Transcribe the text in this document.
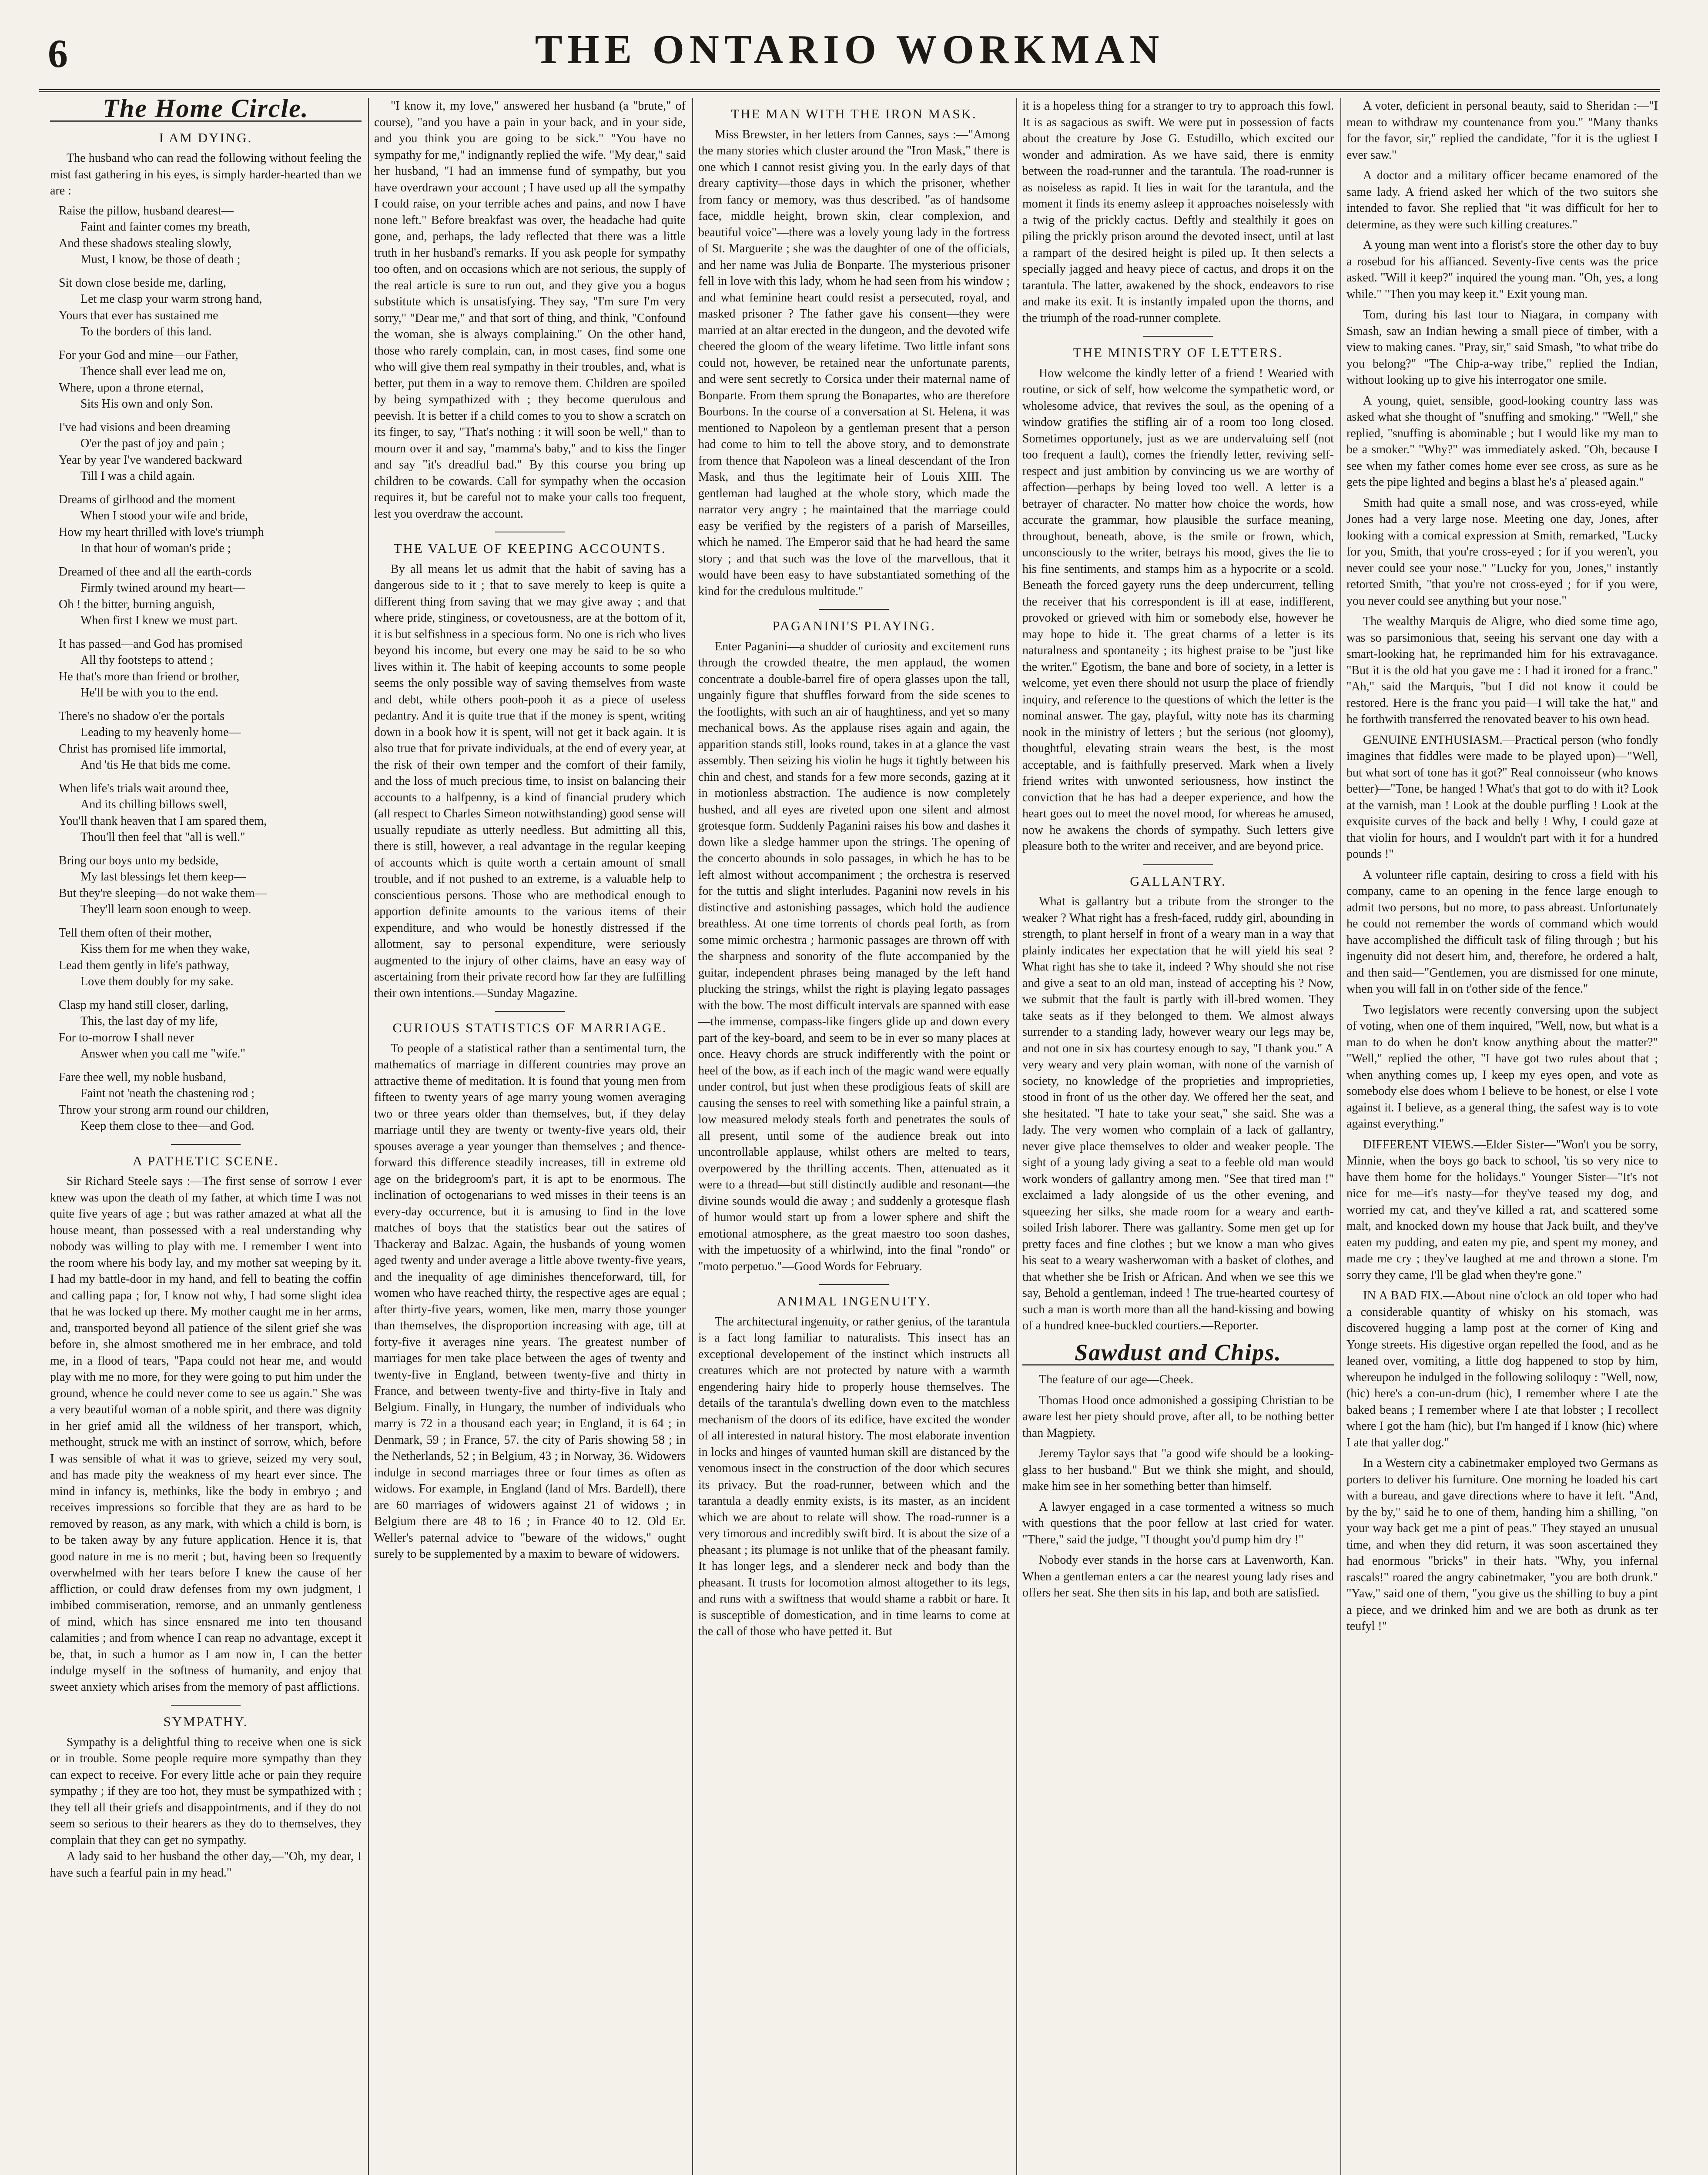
6	THE ONTARIO WORKMAN
The Home Circle.
I AM DYING.

The husband who can read the following without feeling the mist fast gathering in his eyes, is simply harder-hearted than we are :

Raise the pillow, husband dearest—
Faint and fainter comes my breath,
And these shadows stealing slowly,
Must, I know, be those of death ;
Sit down close beside me, darling,
Let me clasp your warm strong hand,
Yours that ever has sustained me
To the borders of this land.
For your God and mine—our Father,
Thence shall ever lead me on,
Where, upon a throne eternal,
Sits His own and only Son.
I've had visions and been dreaming
O'er the past of joy and pain ;
Year by year I've wandered backward
Till I was a child again.
Dreams of girlhood and the moment
When I stood your wife and bride,
How my heart thrilled with love's triumph
In that hour of woman's pride ;
Dreamed of thee and all the earth-cords
Firmly twined around my heart—
Oh ! the bitter, burning anguish,
When first I knew we must part.
It has passed—and God has promised
All thy footsteps to attend ;
He that's more than friend or brother,
He'll be with you to the end.
There's no shadow o'er the portals
Leading to my heavenly home—
Christ has promised life immortal,
And 'tis He that bids me come.
When life's trials wait around thee,
And its chilling billows swell,
You'll thank heaven that I am spared them,
Thou'll then feel that "all is well."
Bring our boys unto my bedside,
My last blessings let them keep—
But they're sleeping—do not wake them—
They'll learn soon enough to weep.
Tell them often of their mother,
Kiss them for me when they wake,
Lead them gently in life's pathway,
Love them doubly for my sake.
Clasp my hand still closer, darling,
This, the last day of my life,
For to-morrow I shall never
Answer when you call me "wife."
Fare thee well, my noble husband,
Faint not 'neath the chastening rod ;
Throw your strong arm round our children,
Keep them close to thee—and God.
A PATHETIC SCENE.

Sir Richard Steele says :—The first sense of sorrow I ever knew was upon the death of my father, at which time I was not quite five years of age ; but was rather amazed at what all the house meant, than possessed with a real understanding why nobody was willing to play with me. I remember I went into the room where his body lay, and my mother sat weeping by it. I had my battle-door in my hand, and fell to beating the coffin and calling papa ; for, I know not why, I had some slight idea that he was locked up there. My mother caught me in her arms, and, transported beyond all patience of the silent grief she was before in, she almost smothered me in her embrace, and told me, in a flood of tears, "Papa could not hear me, and would play with me no more, for they were going to put him under the ground, whence he could never come to see us again." She was a very beautiful woman of a noble spirit, and there was dignity in her grief amid all the wildness of her transport, which, methought, struck me with an instinct of sorrow, which, before I was sensible of what it was to grieve, seized my very soul, and has made pity the weakness of my heart ever since. The mind in infancy is, methinks, like the body in embryo ; and receives impressions so forcible that they are as hard to be removed by reason, as any mark, with which a child is born, is to be taken away by any future application. Hence it is, that good nature in me is no merit ; but, having been so frequently overwhelmed with her tears before I knew the cause of her affliction, or could draw defenses from my own judgment, I imbibed commiseration, remorse, and an unmanly gentleness of mind, which has since ensnared me into ten thousand calamities ; and from whence I can reap no advantage, except it be, that, in such a humor as I am now in, I can the better indulge myself in the softness of humanity, and enjoy that sweet anxiety which arises from the memory of past afflictions.

SYMPATHY.

Sympathy is a delightful thing to receive when one is sick or in trouble. Some people require more sympathy than they can expect to receive. For every little ache or pain they require sympathy ; if they are too hot, they must be sympathized with ; they tell all their griefs and disappointments, and if they do not seem so serious to their hearers as they do to themselves, they complain that they can get no sympathy.

A lady said to her husband the other day,—"Oh, my dear, I have such a fearful pain in my head."

"I know it, my love," answered her husband (a "brute," of course), "and you have a pain in your back, and in your side, and you think you are going to be sick." "You have no sympathy for me," indignantly replied the wife. "My dear," said her husband, "I had an immense fund of sympathy, but you have overdrawn your account ; I have used up all the sympathy I could raise, on your terrible aches and pains, and now I have none left." Before breakfast was over, the headache had quite gone, and, perhaps, the lady reflected that there was a little truth in her husband's remarks. If you ask people for sympathy too often, and on occasions which are not serious, the supply of the real article is sure to run out, and they give you a bogus substitute which is unsatisfying. They say, "I'm sure I'm very sorry," "Dear me," and that sort of thing, and think, "Confound the woman, she is always complaining." On the other hand, those who rarely complain, can, in most cases, find some one who will give them real sympathy in their troubles, and, what is better, put them in a way to remove them. Children are spoiled by being sympathized with ; they become querulous and peevish. It is better if a child comes to you to show a scratch on its finger, to say, "That's nothing : it will soon be well," than to mourn over it and say, "mamma's baby," and to kiss the finger and say "it's dreadful bad." By this course you bring up children to be cowards. Call for sympathy when the occasion requires it, but be careful not to make your calls too frequent, lest you overdraw the account.

THE VALUE OF KEEPING ACCOUNTS.

By all means let us admit that the habit of saving has a dangerous side to it ; that to save merely to keep is quite a different thing from saving that we may give away ; and that where pride, stinginess, or covetousness, are at the bottom of it, it is but selfishness in a specious form. No one is rich who lives beyond his income, but every one may be said to be so who lives within it. The habit of keeping accounts to some people seems the only possible way of saving themselves from waste and debt, while others pooh-pooh it as a piece of useless pedantry. And it is quite true that if the money is spent, writing down in a book how it is spent, will not get it back again. It is also true that for private individuals, at the end of every year, at the risk of their own temper and the comfort of their family, and the loss of much precious time, to insist on balancing their accounts to a halfpenny, is a kind of financial prudery which (all respect to Charles Simeon notwithstanding) good sense will usually repudiate as utterly needless. But admitting all this, there is still, however, a real advantage in the regular keeping of accounts which is quite worth a certain amount of small trouble, and if not pushed to an extreme, is a valuable help to conscientious persons. Those who are methodical enough to apportion definite amounts to the various items of their expenditure, and who would be honestly distressed if the allotment, say to personal expenditure, were seriously augmented to the injury of other claims, have an easy way of ascertaining from their private record how far they are fulfilling their own intentions.—Sunday Magazine.

CURIOUS STATISTICS OF MARRIAGE.

To people of a statistical rather than a sentimental turn, the mathematics of marriage in different countries may prove an attractive theme of meditation. It is found that young men from fifteen to twenty years of age marry young women averaging two or three years older than themselves, but, if they delay marriage until they are twenty or twenty-five years old, their spouses average a year younger than themselves ; and thence-forward this difference steadily increases, till in extreme old age on the bridegroom's part, it is apt to be enormous. The inclination of octogenarians to wed misses in their teens is an every-day occurrence, but it is amusing to find in the love matches of boys that the statistics bear out the satires of Thackeray and Balzac. Again, the husbands of young women aged twenty and under average a little above twenty-five years, and the inequality of age diminishes thenceforward, till, for women who have reached thirty, the respective ages are equal ; after thirty-five years, women, like men, marry those younger than themselves, the disproportion increasing with age, till at forty-five it averages nine years. The greatest number of marriages for men take place between the ages of twenty and twenty-five in England, between twenty-five and thirty in France, and between twenty-five and thirty-five in Italy and Belgium. Finally, in Hungary, the number of individuals who marry is 72 in a thousand each year; in England, it is 64 ; in Denmark, 59 ; in France, 57. the city of Paris showing 58 ; in the Netherlands, 52 ; in Belgium, 43 ; in Norway, 36. Widowers indulge in second marriages three or four times as often as widows. For example, in England (land of Mrs. Bardell), there are 60 marriages of widowers against 21 of widows ; in Belgium there are 48 to 16 ; in France 40 to 12. Old Er. Weller's paternal advice to "beware of the widows," ought surely to be supplemented by a maxim to beware of widowers.

THE MAN WITH THE IRON MASK.

Miss Brewster, in her letters from Cannes, says :—"Among the many stories which cluster around the "Iron Mask," there is one which I cannot resist giving you. In the early days of that dreary captivity—those days in which the prisoner, whether from fancy or memory, was thus described. "as of handsome face, middle height, brown skin, clear complexion, and beautiful voice"—there was a lovely young lady in the fortress of St. Marguerite ; she was the daughter of one of the officials, and her name was Julia de Bonparte. The mysterious prisoner fell in love with this lady, whom he had seen from his window ; and what feminine heart could resist a persecuted, royal, and masked prisoner ? The father gave his consent—they were married at an altar erected in the dungeon, and the devoted wife cheered the gloom of the weary lifetime. Two little infant sons could not, however, be retained near the unfortunate parents, and were sent secretly to Corsica under their maternal name of Bonparte. From them sprung the Bonapartes, who are therefore Bourbons. In the course of a conversation at St. Helena, it was mentioned to Napoleon by a gentleman present that a person had come to him to tell the above story, and to demonstrate from thence that Napoleon was a lineal descendant of the Iron Mask, and thus the legitimate heir of Louis XIII. The gentleman had laughed at the whole story, which made the narrator very angry ; he maintained that the marriage could easy be verified by the registers of a parish of Marseilles, which he named. The Emperor said that he had heard the same story ; and that such was the love of the marvellous, that it would have been easy to have substantiated something of the kind for the credulous multitude."

PAGANINI'S PLAYING.

Enter Paganini—a shudder of curiosity and excitement runs through the crowded theatre, the men applaud, the women concentrate a double-barrel fire of opera glasses upon the tall, ungainly figure that shuffles forward from the side scenes to the footlights, with such an air of haughtiness, and yet so many mechanical bows. As the applause rises again and again, the apparition stands still, looks round, takes in at a glance the vast assembly. Then seizing his violin he hugs it tightly between his chin and chest, and stands for a few more seconds, gazing at it in motionless abstraction. The audience is now completely hushed, and all eyes are riveted upon one silent and almost grotesque form. Suddenly Paganini raises his bow and dashes it down like a sledge hammer upon the strings. The opening of the concerto abounds in solo passages, in which he has to be left almost without accompaniment ; the orchestra is reserved for the tuttis and slight interludes. Paganini now revels in his distinctive and astonishing passages, which hold the audience breathless. At one time torrents of chords peal forth, as from some mimic orchestra ; harmonic passages are thrown off with the sharpness and sonority of the flute accompanied by the guitar, independent phrases being managed by the left hand plucking the strings, whilst the right is playing legato passages with the bow. The most difficult intervals are spanned with ease—the immense, compass-like fingers glide up and down every part of the key-board, and seem to be in ever so many places at once. Heavy chords are struck indifferently with the point or heel of the bow, as if each inch of the magic wand were equally under control, but just when these prodigious feats of skill are causing the senses to reel with something like a painful strain, a low measured melody steals forth and penetrates the souls of all present, until some of the audience break out into uncontrollable applause, whilst others are melted to tears, overpowered by the thrilling accents. Then, attenuated as it were to a thread—but still distinctly audible and resonant—the divine sounds would die away ; and suddenly a grotesque flash of humor would start up from a lower sphere and shift the emotional atmosphere, as the great maestro too soon dashes, with the impetuosity of a whirlwind, into the final "rondo" or "moto perpetuo."—Good Words for February.

ANIMAL INGENUITY.

The architectural ingenuity, or rather genius, of the tarantula is a fact long familiar to naturalists. This insect has an exceptional developement of the instinct which instructs all creatures which are not protected by nature with a warmth engendering hairy hide to properly house themselves. The details of the tarantula's dwelling down even to the matchless mechanism of the doors of its edifice, have excited the wonder of all interested in natural history. The most elaborate invention in locks and hinges of vaunted human skill are distanced by the venomous insect in the construction of the door which secures its privacy. But the road-runner, between which and the tarantula a deadly enmity exists, is its master, as an incident which we are about to relate will show. The road-runner is a very timorous and incredibly swift bird. It is about the size of a pheasant ; its plumage is not unlike that of the pheasant family. It has longer legs, and a slenderer neck and body than the pheasant. It trusts for locomotion almost altogether to its legs, and runs with a swiftness that would shame a rabbit or hare. It is susceptible of domestication, and in time learns to come at the call of those who have petted it. But

it is a hopeless thing for a stranger to try to approach this fowl. It is as sagacious as swift. We were put in possession of facts about the creature by Jose G. Estudillo, which excited our wonder and admiration. As we have said, there is enmity between the road-runner and the tarantula. The road-runner is as noiseless as rapid. It lies in wait for the tarantula, and the moment it finds its enemy asleep it approaches noiselessly with a twig of the prickly cactus. Deftly and stealthily it goes on piling the prickly prison around the devoted insect, until at last a rampart of the desired height is piled up. It then selects a specially jagged and heavy piece of cactus, and drops it on the tarantula. The latter, awakened by the shock, endeavors to rise and make its exit. It is instantly impaled upon the thorns, and the triumph of the road-runner complete.

THE MINISTRY OF LETTERS.

How welcome the kindly letter of a friend ! Wearied with routine, or sick of self, how welcome the sympathetic word, or wholesome advice, that revives the soul, as the opening of a window gratifies the stifling air of a room too long closed. Sometimes opportunely, just as we are undervaluing self (not too frequent a fault), comes the friendly letter, reviving self-respect and just ambition by convincing us we are worthy of affection—perhaps by being loved too well. A letter is a betrayer of character. No matter how choice the words, how accurate the grammar, how plausible the surface meaning, throughout, beneath, above, is the smile or frown, which, unconsciously to the writer, betrays his mood, gives the lie to his fine sentiments, and stamps him as a hypocrite or a scold. Beneath the forced gayety runs the deep undercurrent, telling the receiver that his correspondent is ill at ease, indifferent, provoked or grieved with him or somebody else, however he may hope to hide it. The great charms of a letter is its naturalness and spontaneity ; its highest praise to be "just like the writer." Egotism, the bane and bore of society, in a letter is welcome, yet even there should not usurp the place of friendly inquiry, and reference to the questions of which the letter is the nominal answer. The gay, playful, witty note has its charming nook in the ministry of letters ; but the serious (not gloomy), thoughtful, elevating strain wears the best, is the most acceptable, and is faithfully preserved. Mark when a lively friend writes with unwonted seriousness, how instinct the conviction that he has had a deeper experience, and how the heart goes out to meet the novel mood, for whereas he amused, now he awakens the chords of sympathy. Such letters give pleasure both to the writer and receiver, and are beyond price.

GALLANTRY.

What is gallantry but a tribute from the stronger to the weaker ? What right has a fresh-faced, ruddy girl, abounding in strength, to plant herself in front of a weary man in a way that plainly indicates her expectation that he will yield his seat ? What right has she to take it, indeed ? Why should she not rise and give a seat to an old man, instead of accepting his ? Now, we submit that the fault is partly with ill-bred women. They take seats as if they belonged to them. We almost always surrender to a standing lady, however weary our legs may be, and not one in six has courtesy enough to say, "I thank you." A very weary and very plain woman, with none of the varnish of society, no knowledge of the proprieties and improprieties, stood in front of us the other day. We offered her the seat, and she hesitated. "I hate to take your seat," she said. She was a lady. The very women who complain of a lack of gallantry, never give place themselves to older and weaker people. The sight of a young lady giving a seat to a feeble old man would work wonders of gallantry among men. "See that tired man !" exclaimed a lady alongside of us the other evening, and squeezing her silks, she made room for a weary and earth-soiled Irish laborer. There was gallantry. Some men get up for pretty faces and fine clothes ; but we know a man who gives his seat to a weary washerwoman with a basket of clothes, and that whether she be Irish or African. And when we see this we say, Behold a gentleman, indeed ! The true-hearted courtesy of such a man is worth more than all the hand-kissing and bowing of a hundred knee-buckled courtiers.—Reporter.

Sawdust and Chips.

The feature of our age—Cheek.

Thomas Hood once admonished a gossiping Christian to be aware lest her piety should prove, after all, to be nothing better than Magpiety.

Jeremy Taylor says that "a good wife should be a looking-glass to her husband." But we think she might, and should, make him see in her something better than himself.

A lawyer engaged in a case tormented a witness so much with questions that the poor fellow at last cried for water. "There," said the judge, "I thought you'd pump him dry !"

Nobody ever stands in the horse cars at Lavenworth, Kan. When a gentleman enters a car the nearest young lady rises and offers her seat. She then sits in his lap, and both are satisfied.

A voter, deficient in personal beauty, said to Sheridan :—"I mean to withdraw my countenance from you." "Many thanks for the favor, sir," replied the candidate, "for it is the ugliest I ever saw."

A doctor and a military officer became enamored of the same lady. A friend asked her which of the two suitors she intended to favor. She replied that "it was difficult for her to determine, as they were such killing creatures."

A young man went into a florist's store the other day to buy a rosebud for his affianced. Seventy-five cents was the price asked. "Will it keep?" inquired the young man. "Oh, yes, a long while." "Then you may keep it." Exit young man.

Tom, during his last tour to Niagara, in company with Smash, saw an Indian hewing a small piece of timber, with a view to making canes. "Pray, sir," said Smash, "to what tribe do you belong?" "The Chip-a-way tribe," replied the Indian, without looking up to give his interrogator one smile.

A young, quiet, sensible, good-looking country lass was asked what she thought of "snuffing and smoking." "Well," she replied, "snuffing is abominable ; but I would like my man to be a smoker." "Why?" was immediately asked. "Oh, because I see when my father comes home ever see cross, as sure as he gets the pipe lighted and begins a blast he's a' pleased again."

Smith had quite a small nose, and was cross-eyed, while Jones had a very large nose. Meeting one day, Jones, after looking with a comical expression at Smith, remarked, "Lucky for you, Smith, that you're cross-eyed ; for if you weren't, you never could see your nose." "Lucky for you, Jones," instantly retorted Smith, "that you're not cross-eyed ; for if you were, you never could see anything but your nose."

The wealthy Marquis de Aligre, who died some time ago, was so parsimonious that, seeing his servant one day with a smart-looking hat, he reprimanded him for his extravagance. "But it is the old hat you gave me : I had it ironed for a franc." "Ah," said the Marquis, "but I did not know it could be restored. Here is the franc you paid—I will take the hat," and he forthwith transferred the renovated beaver to his own head.

GENUINE ENTHUSIASM.—Practical person (who fondly imagines that fiddles were made to be played upon)—"Well, but what sort of tone has it got?" Real connoisseur (who knows better)—"Tone, be hanged ! What's that got to do with it? Look at the varnish, man ! Look at the double purfling ! Look at the exquisite curves of the back and belly ! Why, I could gaze at that violin for hours, and I wouldn't part with it for a hundred pounds !"

A volunteer rifle captain, desiring to cross a field with his company, came to an opening in the fence large enough to admit two persons, but no more, to pass abreast. Unfortunately he could not remember the words of command which would have accomplished the difficult task of filing through ; but his ingenuity did not desert him, and, therefore, he ordered a halt, and then said—"Gentlemen, you are dismissed for one minute, when you will fall in on t'other side of the fence."

Two legislators were recently conversing upon the subject of voting, when one of them inquired, "Well, now, but what is a man to do when he don't know anything about the matter?" "Well," replied the other, "I have got two rules about that ; when anything comes up, I keep my eyes open, and vote as somebody else does whom I believe to be honest, or else I vote against it. I believe, as a general thing, the safest way is to vote against everything."

DIFFERENT VIEWS.—Elder Sister—"Won't you be sorry, Minnie, when the boys go back to school, 'tis so very nice to have them home for the holidays." Younger Sister—"It's not nice for me—it's nasty—for they've teased my dog, and worried my cat, and they've killed a rat, and scattered some malt, and knocked down my house that Jack built, and they've eaten my pudding, and eaten my pie, and spent my money, and made me cry ; they've laughed at me and thrown a stone. I'm sorry they came, I'll be glad when they're gone."

IN A BAD FIX.—About nine o'clock an old toper who had a considerable quantity of whisky on his stomach, was discovered hugging a lamp post at the corner of King and Yonge streets. His digestive organ repelled the food, and as he leaned over, vomiting, a little dog happened to stop by him, whereupon he indulged in the following soliloquy : "Well, now, (hic) here's a con-un-drum (hic), I remember where I ate the baked beans ; I remember where I ate that lobster ; I recollect where I got the ham (hic), but I'm hanged if I know (hic) where I ate that yaller dog."

In a Western city a cabinetmaker employed two Germans as porters to deliver his furniture. One morning he loaded his cart with a bureau, and gave directions where to have it left. "And, by the by," said he to one of them, handing him a shilling, "on your way back get me a pint of peas." They stayed an unusual time, and when they did return, it was soon ascertained they had enormous "bricks" in their hats. "Why, you infernal rascals!" roared the angry cabinetmaker, "you are both drunk." "Yaw," said one of them, "you give us the shilling to buy a pint a piece, and we drinked him and we are both as drunk as ter teufyl !"
